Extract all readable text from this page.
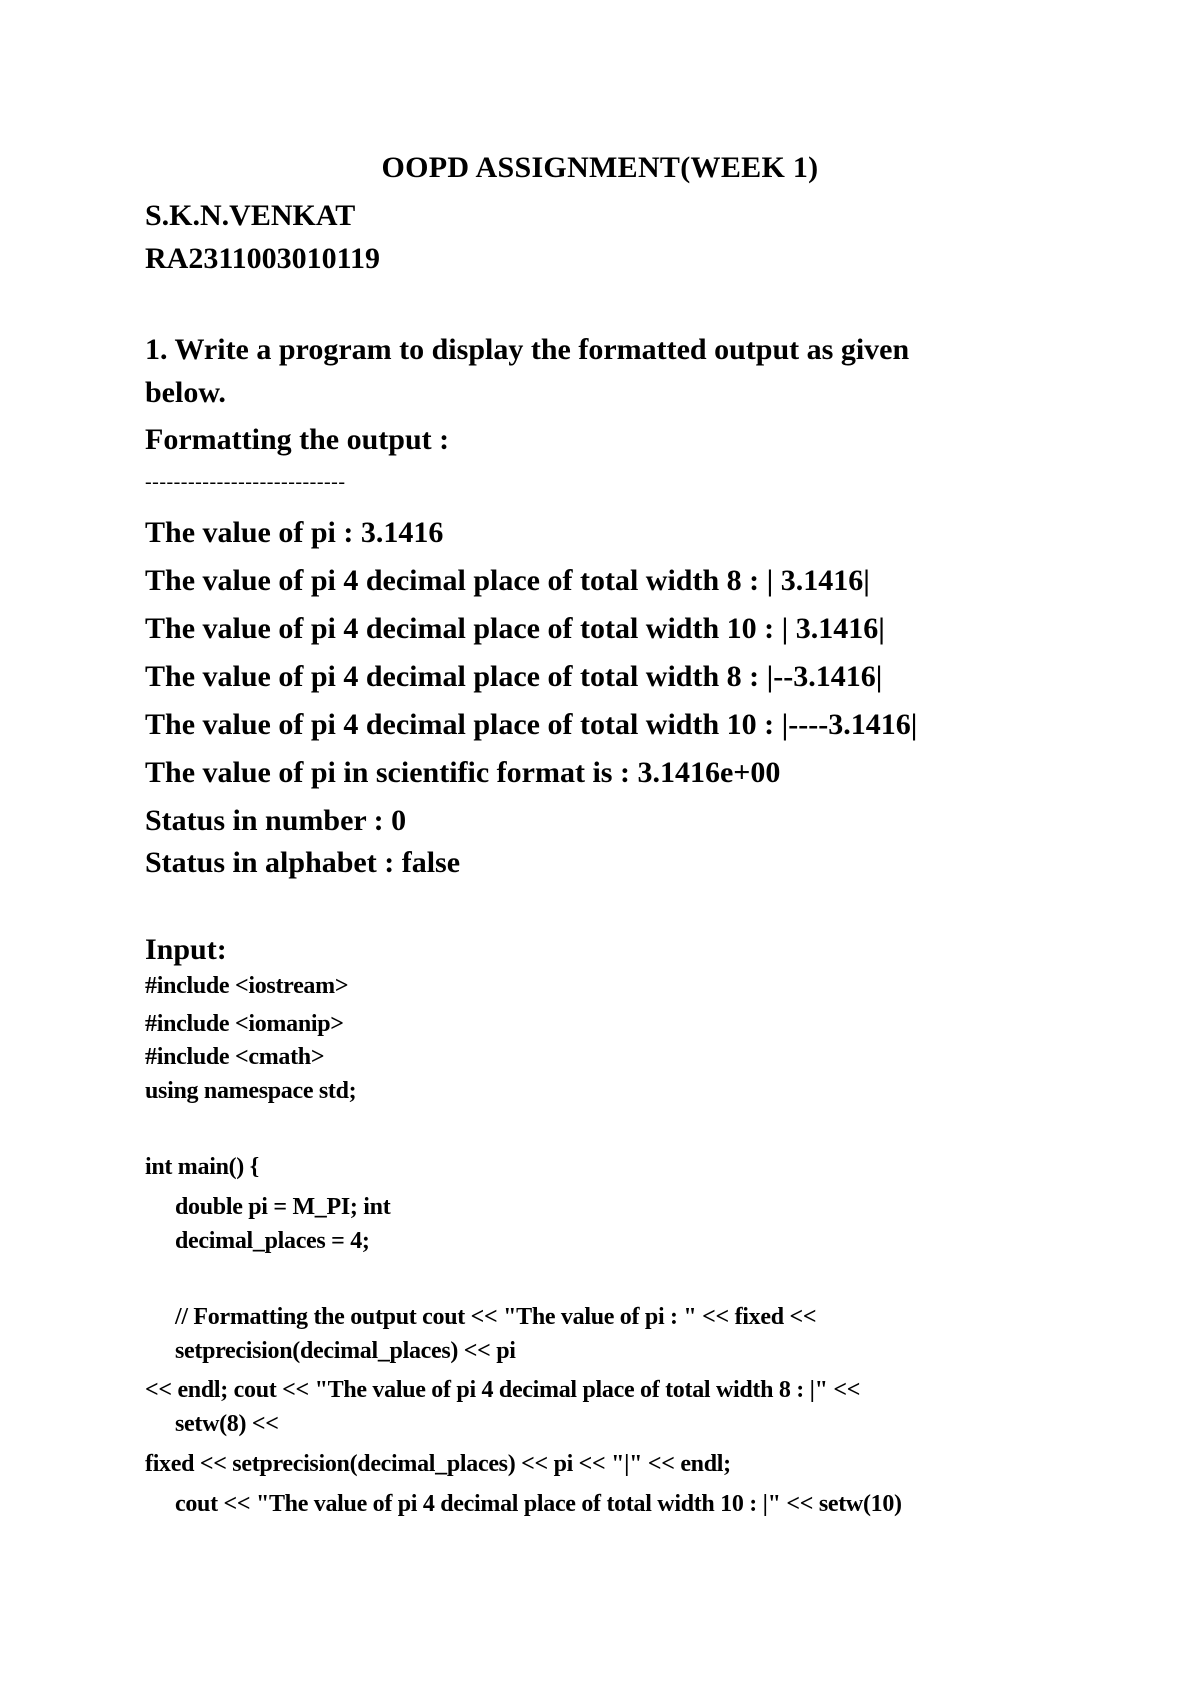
OOPD ASSIGNMENT(WEEK 1)
S.K.N.VENKAT
RA2311003010119
1. Write a program to display the formatted output as given
below.
Formatting the output :
----------------------------
The value of pi : 3.1416
The value of pi 4 decimal place of total width 8 : | 3.1416|
The value of pi 4 decimal place of total width 10 : | 3.1416|
The value of pi 4 decimal place of total width 8 : |--3.1416|
The value of pi 4 decimal place of total width 10 : |----3.1416|
The value of pi in scientific format is : 3.1416e+00
Status in number : 0
Status in alphabet : false
Input:
#include <iostream>
#include <iomanip>
#include <cmath>
using namespace std;
int main() {
double pi = M_PI; int
decimal_places = 4;
// Formatting the output cout << "The value of pi : " << fixed <<
setprecision(decimal_places) << pi
<< endl; cout << "The value of pi 4 decimal place of total width 8 : |" <<
setw(8) <<
fixed << setprecision(decimal_places) << pi << "|" << endl;
cout << "The value of pi 4 decimal place of total width 10 : |" << setw(10)
